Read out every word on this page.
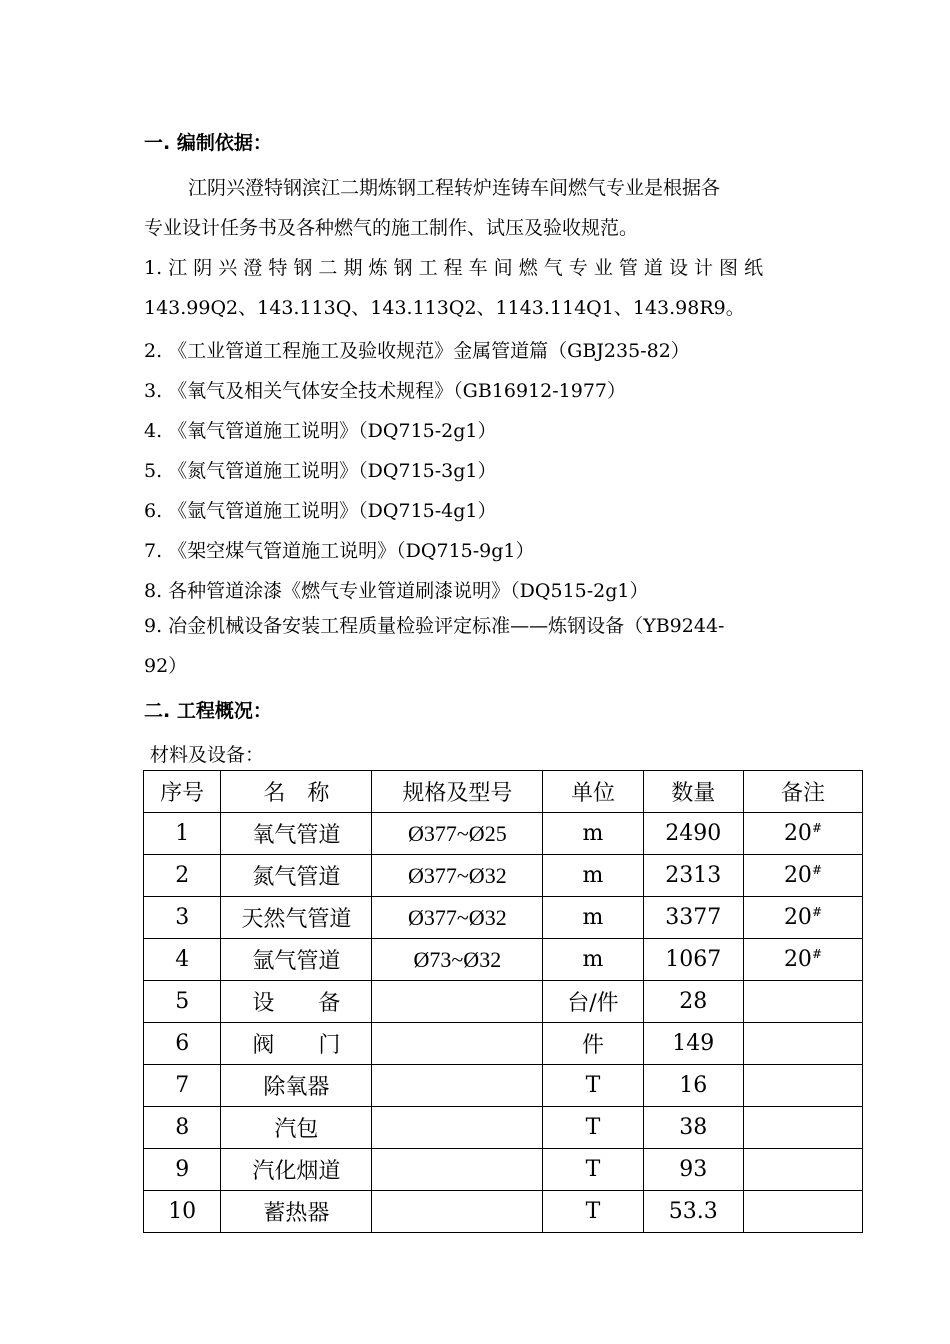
一. 编制依据：
江阴兴澄特钢滨江二期炼钢工程转炉连铸车间燃气专业是根据各
专业设计任务书及各种燃气的施工制作、试压及验收规范。
1. 江 阴 兴 澄 特 钢 二 期 炼 钢 工 程 车 间 燃 气 专 业 管 道 设 计 图 纸
143.99Q2、143.113Q、143.113Q2、1143.114Q1、143.98R9。
2. 《工业管道工程施工及验收规范》金属管道篇（GBJ235-82）
3. 《氧气及相关气体安全技术规程》（GB16912-1977）
4. 《氧气管道施工说明》（DQ715-2g1）
5. 《氮气管道施工说明》（DQ715-3g1）
6. 《氩气管道施工说明》（DQ715-4g1）
7. 《架空煤气管道施工说明》（DQ715-9g1）
8. 各种管道涂漆《燃气专业管道刷漆说明》（DQ515-2g1）
9. 冶金机械设备安装工程质量检验评定标准——炼钢设备（YB9244-
92）
二. 工程概况：
材料及设备：
序号	名　称	规格及型号	单位	数量	备注
1	氧气管道	Ø377~Ø25	m	2490	20#
2	氮气管道	Ø377~Ø32	m	2313	20#
3	天然气管道	Ø377~Ø32	m	3377	20#
4	氩气管道	Ø73~Ø32	m	1067	20#
5	设　　备		台/件	28	
6	阀　　门		件	149	
7	除氧器		T	16	
8	汽包		T	38	
9	汽化烟道		T	93	
10	蓄热器		T	53.3	
